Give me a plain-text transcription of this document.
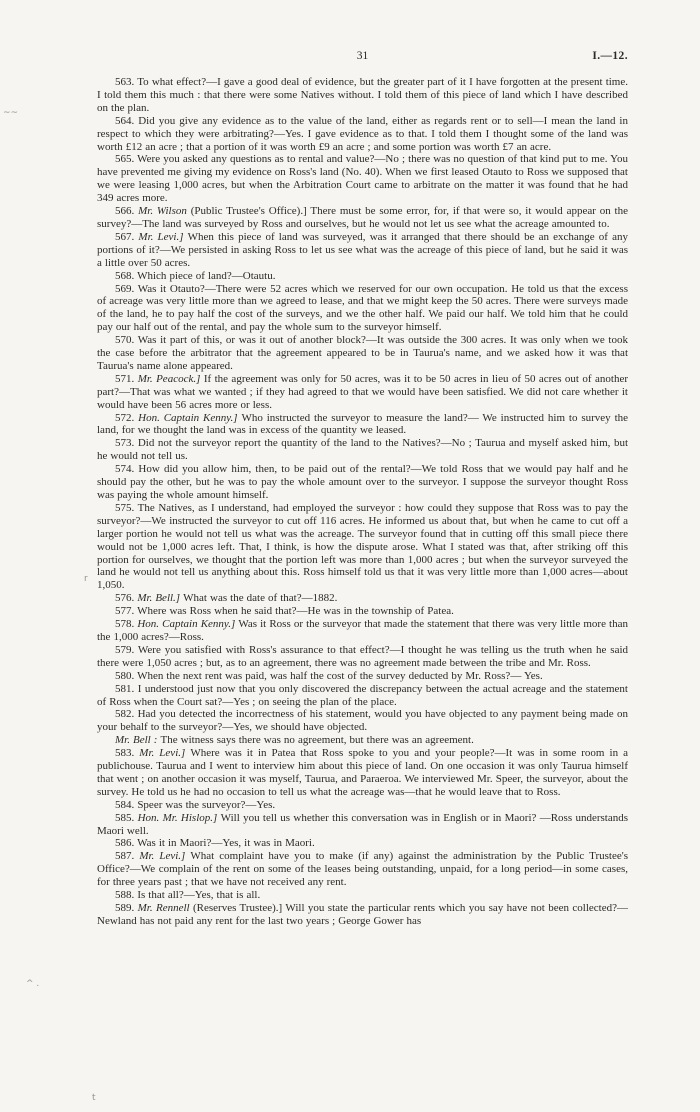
31	I.—12.

563. To what effect?—I gave a good deal of evidence, but the greater part of it I have forgotten at the present time. I told them this much : that there were some Natives without. I told them of this piece of land which I have described on the plan.

564. Did you give any evidence as to the value of the land, either as regards rent or to sell—I mean the land in respect to which they were arbitrating?—Yes. I gave evidence as to that. I told them I thought some of the land was worth £12 an acre ; that a portion of it was worth £9 an acre ; and some portion was worth £7 an acre.

565. Were you asked any questions as to rental and value?—No ; there was no question of that kind put to me. You have prevented me giving my evidence on Ross's land (No. 40). When we first leased Otauto to Ross we supposed that we were leasing 1,000 acres, but when the Arbitration Court came to arbitrate on the matter it was found that he had 349 acres more.

566. Mr. Wilson (Public Trustee's Office).] There must be some error, for, if that were so, it would appear on the survey?—The land was surveyed by Ross and ourselves, but he would not let us see what the acreage amounted to.

567. Mr. Levi.] When this piece of land was surveyed, was it arranged that there should be an exchange of any portions of it?—We persisted in asking Ross to let us see what was the acreage of this piece of land, but he said it was a little over 50 acres.

568. Which piece of land?—Otautu.

569. Was it Otauto?—There were 52 acres which we reserved for our own occupation. He told us that the excess of acreage was very little more than we agreed to lease, and that we might keep the 50 acres. There were surveys made of the land, he to pay half the cost of the surveys, and we the other half. We paid our half. We told him that he could pay our half out of the rental, and pay the whole sum to the surveyor himself.

570. Was it part of this, or was it out of another block?—It was outside the 300 acres. It was only when we took the case before the arbitrator that the agreement appeared to be in Taurua's name, and we asked how it was that Taurua's name alone appeared.

571. Mr. Peacock.] If the agreement was only for 50 acres, was it to be 50 acres in lieu of 50 acres out of another part?—That was what we wanted ; if they had agreed to that we would have been satisfied. We did not care whether it would have been 56 acres more or less.

572. Hon. Captain Kenny.] Who instructed the surveyor to measure the land?— We instructed him to survey the land, for we thought the land was in excess of the quantity we leased.

573. Did not the surveyor report the quantity of the land to the Natives?—No ; Taurua and myself asked him, but he would not tell us.

574. How did you allow him, then, to be paid out of the rental?—We told Ross that we would pay half and he should pay the other, but he was to pay the whole amount over to the surveyor. I suppose the surveyor thought Ross was paying the whole amount himself.

575. The Natives, as I understand, had employed the surveyor : how could they suppose that Ross was to pay the surveyor?—We instructed the surveyor to cut off 116 acres. He informed us about that, but when he came to cut off a larger portion he would not tell us what was the acreage. The surveyor found that in cutting off this small piece there would not be 1,000 acres left. That, I think, is how the dispute arose. What I stated was that, after striking off this portion for ourselves, we thought that the portion left was more than 1,000 acres ; but when the surveyor surveyed the land he would not tell us anything about this. Ross himself told us that it was very little more than 1,000 acres—about 1,050.

576. Mr. Bell.] What was the date of that?—1882.

577. Where was Ross when he said that?—He was in the township of Patea.

578. Hon. Captain Kenny.] Was it Ross or the surveyor that made the statement that there was very little more than the 1,000 acres?—Ross.

579. Were you satisfied with Ross's assurance to that effect?—I thought he was telling us the truth when he said there were 1,050 acres ; but, as to an agreement, there was no agreement made between the tribe and Mr. Ross.

580. When the next rent was paid, was half the cost of the survey deducted by Mr. Ross?— Yes.

581. I understood just now that you only discovered the discrepancy between the actual acreage and the statement of Ross when the Court sat?—Yes ; on seeing the plan of the place.

582. Had you detected the incorrectness of his statement, would you have objected to any payment being made on your behalf to the surveyor?—Yes, we should have objected.

Mr. Bell : The witness says there was no agreement, but there was an agreement.

583. Mr. Levi.] Where was it in Patea that Ross spoke to you and your people?—It was in some room in a publichouse. Taurua and I went to interview him about this piece of land. On one occasion it was only Taurua himself that went ; on another occasion it was myself, Taurua, and Paraeroa. We interviewed Mr. Speer, the surveyor, about the survey. He told us he had no occasion to tell us what the acreage was—that he would leave that to Ross.

584. Speer was the surveyor?—Yes.

585. Hon. Mr. Hislop.] Will you tell us whether this conversation was in English or in Maori? —Ross understands Maori well.

586. Was it in Maori?—Yes, it was in Maori.

587. Mr. Levi.] What complaint have you to make (if any) against the administration by the Public Trustee's Office?—We complain of the rent on some of the leases being outstanding, unpaid, for a long period—in some cases, for three years past ; that we have not received any rent.

588. Is that all?—Yes, that is all.

589. Mr. Rennell (Reserves Trustee).] Will you state the particular rents which you say have not been collected?—Newland has not paid any rent for the last two years ; George Gower has

~~
r
^ .
t
